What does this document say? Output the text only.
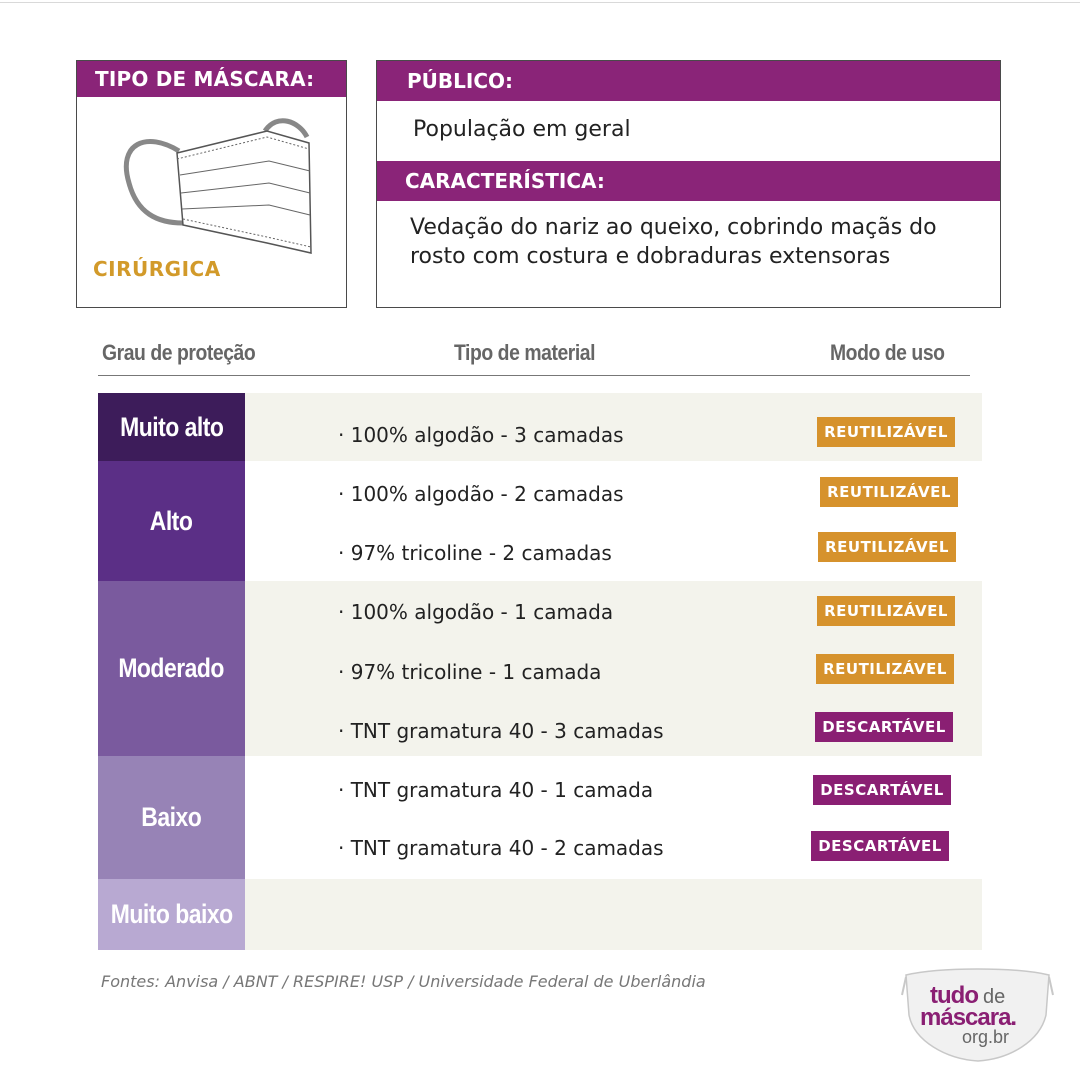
TIPO DE MÁSCARA:
CIRÚRGICA
PÚBLICO:
População em geral
CARACTERÍSTICA:
Vedação do nariz ao queixo, cobrindo maçãs do rosto com costura e dobraduras extensoras
Grau de proteção	Tipo de material	Modo de uso
Muito alto	· 100% algodão - 3 camadas	REUTILIZÁVEL
Alto
· 100% algodão - 2 camadas	REUTILIZÁVEL
· 97% tricoline - 2 camadas	REUTILIZÁVEL
Moderado
· 100% algodão - 1 camada	REUTILIZÁVEL
· 97% tricoline - 1 camada	REUTILIZÁVEL
· TNT gramatura 40 - 3 camadas	DESCARTÁVEL
Baixo
· TNT gramatura 40 - 1 camada	DESCARTÁVEL
· TNT gramatura 40 - 2 camadas	DESCARTÁVEL
Muito baixo
Fontes: Anvisa / ABNT / RESPIRE! USP / Universidade Federal de Uberlândia
tudo de
máscara.
org.br
